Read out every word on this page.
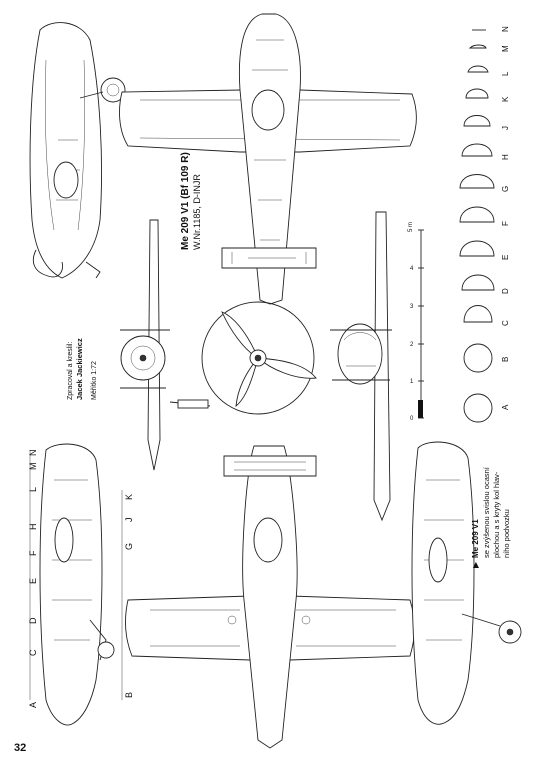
Me 209 V1 (Bf 109 R) W.Nr.1185, D-INJR
Zpracoval a kreslil: Jacek Jackiewicz Měřítko 1:72
0
1
2
3
4
5 m
A
B
C
D
E
F
G
H
J
K
L
M
N
A
C
D
E
F
H
L
M
N
B
G
J
K
▶
Me 209 V1 se zvýšenou svislou ocasní plochou a s kryty kol hlav- ního podvozku
32
